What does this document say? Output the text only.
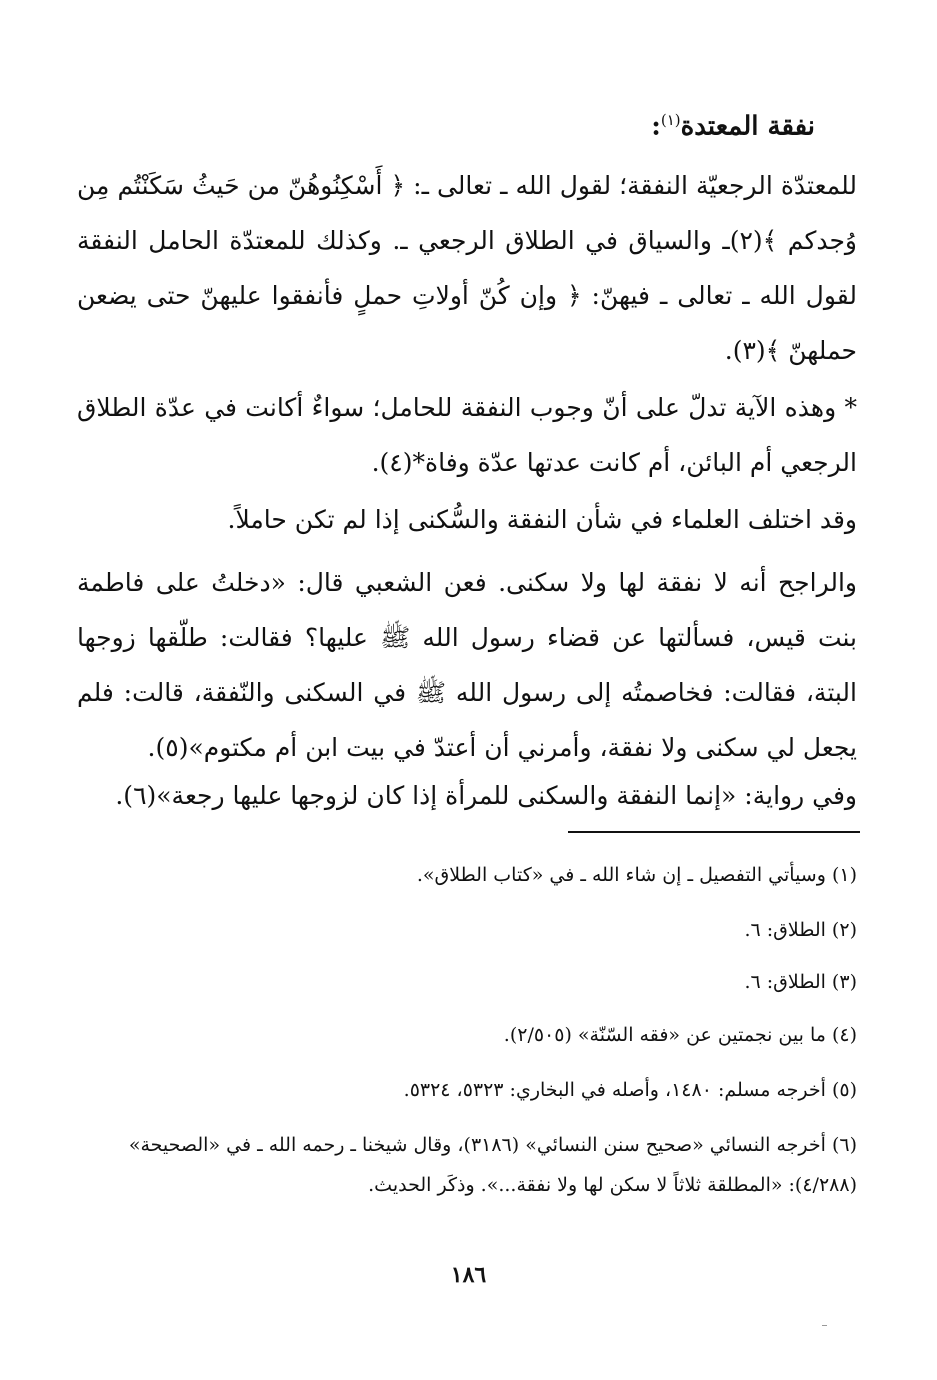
نفقة المعتدة$^{(١)}$:
للمعتدّة الرجعيّة النفقة؛ لقول الله ـ تعالى ـ: ﴿ أَسْكِنُوهُنّ من حَيثُ سَكَنْتُم مِن وُجدكم ﴾(٢)ـ والسياق في الطلاق الرجعي ـ. وكذلك للمعتدّة الحامل النفقة لقول الله ـ تعالى ـ فيهنّ: ﴿ وإن كُنّ أولاتِ حملٍ فأنفقوا عليهنّ حتى يضعن حملهنّ ﴾(٣).
* وهذه الآية تدلّ على أنّ وجوب النفقة للحامل؛ سواءٌ أكانت في عدّة الطلاق الرجعي أم البائن، أم كانت عدتها عدّة وفاة*(٤).
وقد اختلف العلماء في شأن النفقة والسُّكنى إذا لم تكن حاملاً.
والراجح أنه لا نفقة لها ولا سكنى. فعن الشعبي قال: «دخلتُ على فاطمة بنت قيس، فسألتها عن قضاء رسول الله ﷺ عليها؟ فقالت: طلّقها زوجها البتة، فقالت: فخاصمتُه إلى رسول الله ﷺ في السكنى والنّفقة، قالت: فلم يجعل لي سكنى ولا نفقة، وأمرني أن أعتدّ في بيت ابن أم مكتوم»(٥).
وفي رواية: «إنما النفقة والسكنى للمرأة إذا كان لزوجها عليها رجعة»(٦).
(١) وسيأتي التفصيل ـ إن شاء الله ـ في «كتاب الطلاق».
(٢) الطلاق: ٦.
(٣) الطلاق: ٦.
(٤) ما بين نجمتين عن «فقه السّنّة» (٢/٥٠٥).
(٥) أخرجه مسلم: ١٤٨٠، وأصله في البخاري: ٥٣٢٣، ٥٣٢٤.
(٦) أخرجه النسائي «صحيح سنن النسائي» (٣١٨٦)، وقال شيخنا ـ رحمه الله ـ في «الصحيحة» (٤/٢٨٨): «المطلقة ثلاثاً لا سكن لها ولا نفقة...». وذكَر الحديث.
١٨٦
